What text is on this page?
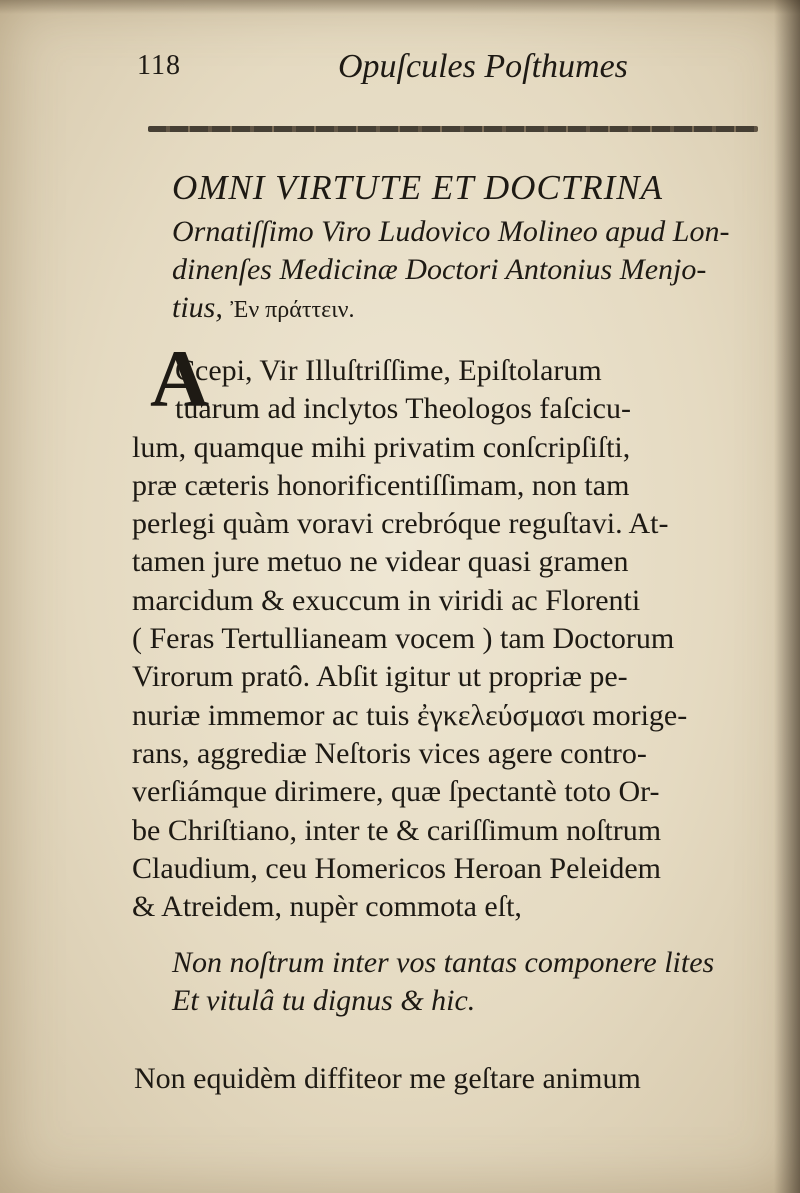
118	Opuſcules Poſthumes
OMNI VIRTUTE ET DOCTRINA
Ornatiſſimo Viro Ludovico Molineo apud Lon-
dinenſes Medicinæ Doctori Antonius Menjo-
tius, Ἐν πράττειν.
A
Ccepi, Vir Illuſtriſſime, Epiſtolarum
tuarum ad inclytos Theologos faſcicu-
lum, quamque mihi privatim conſcripſiſti,
præ cæteris honorificentiſſimam, non tam
perlegi quàm voravi crebróque reguſtavi. At-
tamen jure metuo ne videar quasi gramen
marcidum & exuccum in viridi ac Florenti
( Feras Tertullianeam vocem ) tam Doctorum
Virorum pratô. Abſit igitur ut propriæ pe-
nuriæ immemor ac tuis ἐγκελεύσμασι morige-
rans, aggrediæ Neſtoris vices agere contro-
verſiámque dirimere, quæ ſpectantè toto Or-
be Chriſtiano, inter te & cariſſimum noſtrum
Claudium, ceu Homericos Heroan Peleidem
& Atreidem, nupèr commota eſt,
Non noſtrum inter vos tantas componere lites
Et vitulâ tu dignus & hic.
Non equidèm diffiteor me geſtare animum
